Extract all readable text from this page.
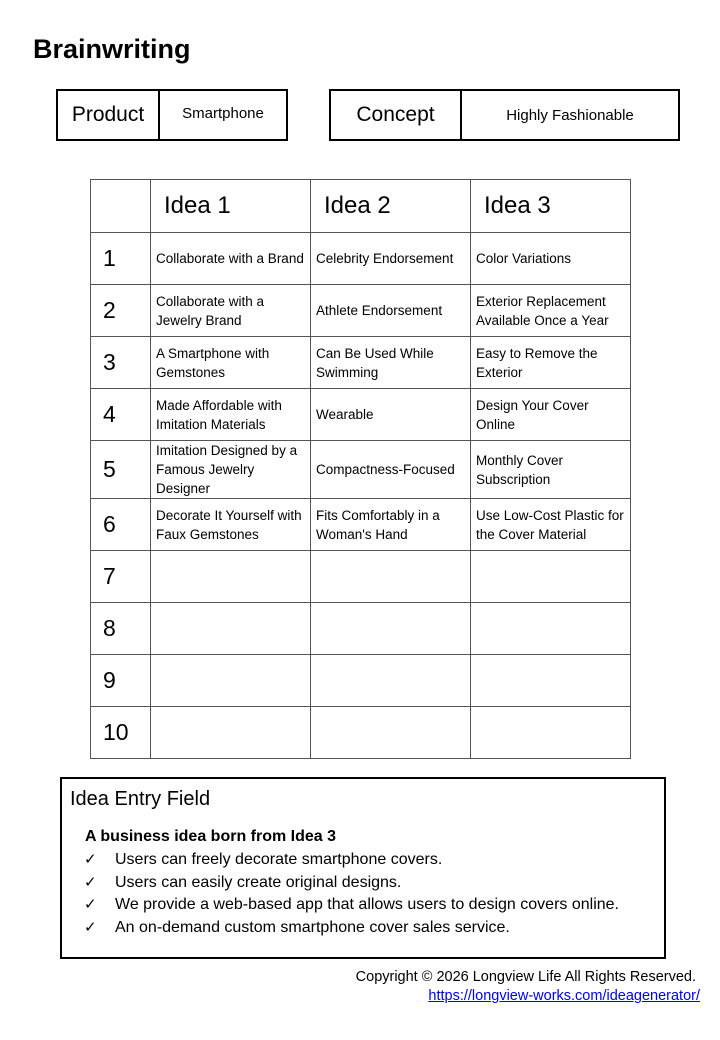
Brainwriting
Product	Smartphone	Concept	Highly Fashionable
	Idea 1	Idea 2	Idea 3
1	Collaborate with a Brand	Celebrity Endorsement	Color Variations
2	Collaborate with a Jewelry Brand	Athlete Endorsement	Exterior Replacement Available Once a Year
3	A Smartphone with Gemstones	Can Be Used While Swimming	Easy to Remove the Exterior
4	Made Affordable with Imitation Materials	Wearable	Design Your Cover Online
5	Imitation Designed by a Famous Jewelry Designer	Compactness-Focused	Monthly Cover Subscription
6	Decorate It Yourself with Faux Gemstones	Fits Comfortably in a Woman's Hand	Use Low-Cost Plastic for the Cover Material
7			
8			
9			
10			
Idea Entry Field
A business idea born from Idea 3
✓ Users can freely decorate smartphone covers.
✓ Users can easily create original designs.
✓ We provide a web-based app that allows users to design covers online.
✓ An on-demand custom smartphone cover sales service.
Copyright © 2026 Longview Life All Rights Reserved.
https://longview-works.com/ideagenerator/
